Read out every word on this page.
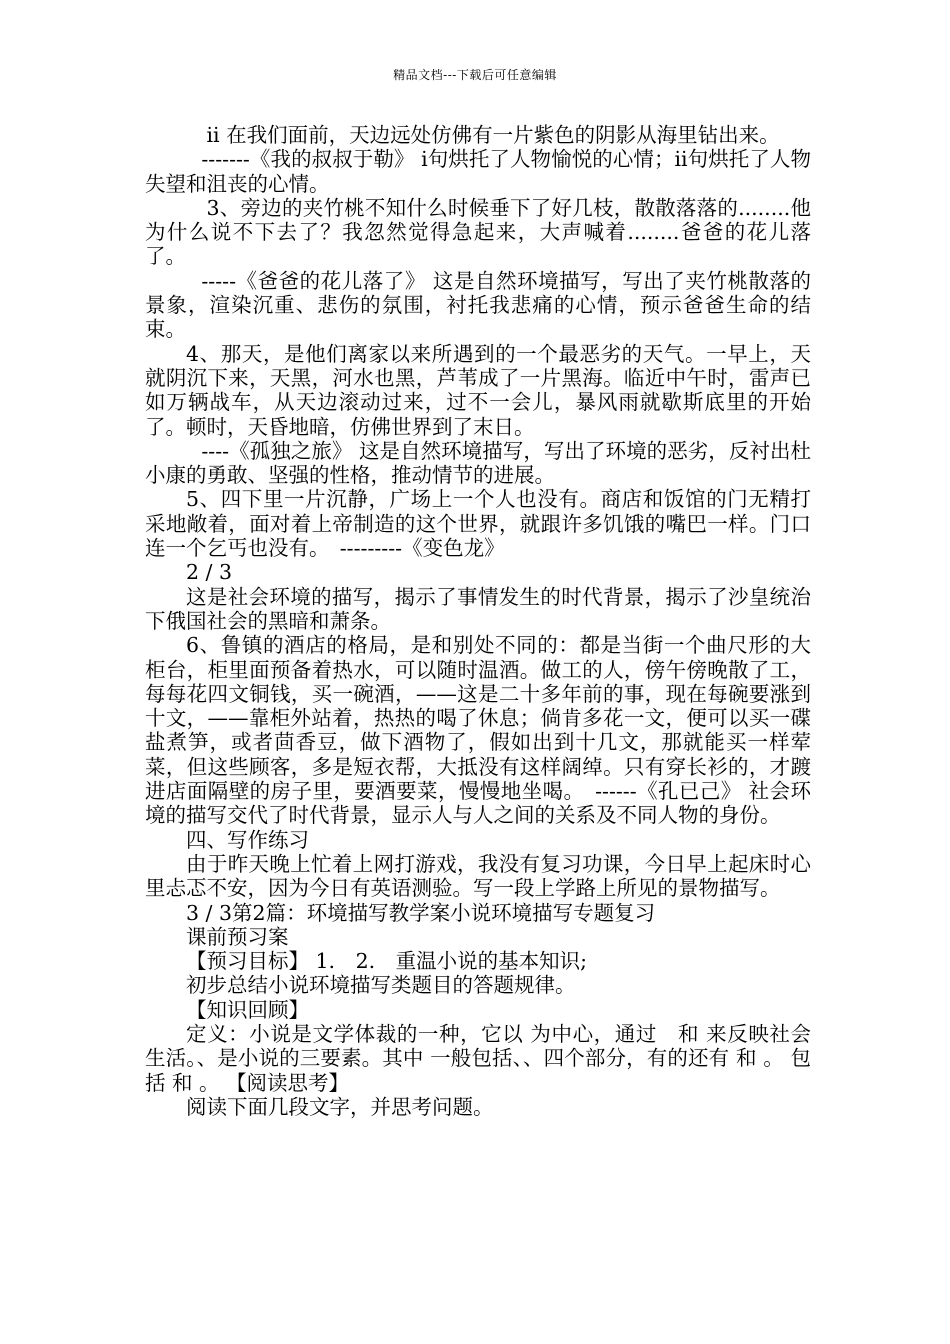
精品文档---下载后可任意编辑

ii 在我们面前，天边远处仿佛有一片紫色的阴影从海里钻出来。

-------《我的叔叔于勒》 i句烘托了人物愉悦的心情；ii句烘托了人物失望和沮丧的心情。

3、旁边的夹竹桃不知什么时候垂下了好几枝，散散落落的........他为什么说不下去了？我忽然觉得急起来，大声喊着........爸爸的花儿落了。

-----《爸爸的花儿落了》 这是自然环境描写，写出了夹竹桃散落的景象，渲染沉重、悲伤的氛围，衬托我悲痛的心情，预示爸爸生命的结束。

4、那天，是他们离家以来所遇到的一个最恶劣的天气。一早上，天就阴沉下来，天黑，河水也黑，芦苇成了一片黑海。临近中午时，雷声已如万辆战车，从天边滚动过来，过不一会儿，暴风雨就歇斯底里的开始了。顿时，天昏地暗，仿佛世界到了末日。

----《孤独之旅》 这是自然环境描写，写出了环境的恶劣，反衬出杜小康的勇敢、坚强的性格，推动情节的进展。

5、四下里一片沉静，广场上一个人也没有。商店和饭馆的门无精打采地敞着，面对着上帝制造的这个世界，就跟许多饥饿的嘴巴一样。门口连一个乞丐也没有。　---------《变色龙》

2 / 3

这是社会环境的描写，揭示了事情发生的时代背景，揭示了沙皇统治下俄国社会的黑暗和萧条。

6、鲁镇的酒店的格局，是和别处不同的：都是当街一个曲尺形的大柜台，柜里面预备着热水，可以随时温酒。做工的人，傍午傍晚散了工，每每花四文铜钱，买一碗酒，——这是二十多年前的事，现在每碗要涨到十文，——靠柜外站着，热热的喝了休息；倘肯多花一文，便可以买一碟盐煮笋，或者茴香豆，做下酒物了，假如出到十几文，那就能买一样荤菜，但这些顾客，多是短衣帮，大抵没有这样阔绰。只有穿长衫的，才踱进店面隔壁的房子里，要酒要菜，慢慢地坐喝。　------《孔已己》 社会环境的描写交代了时代背景，显示人与人之间的关系及不同人物的身份。

四、写作练习

由于昨天晚上忙着上网打游戏，我没有复习功课，今日早上起床时心里忐忑不安，因为今日有英语测验。写一段上学路上所见的景物描写。

3 / 3第2篇：环境描写教学案小说环境描写专题复习

课前预习案

【预习目标】 1.　2.　重温小说的基本知识;

初步总结小说环境描写类题目的答题规律。

【知识回顾】

定义：小说是文学体裁的一种，它以 为中心，通过　和 来反映社会生活。、是小说的三要素。其中 一般包括、、四个部分，有的还有 和 。 包括 和 。 【阅读思考】

阅读下面几段文字，并思考问题。
